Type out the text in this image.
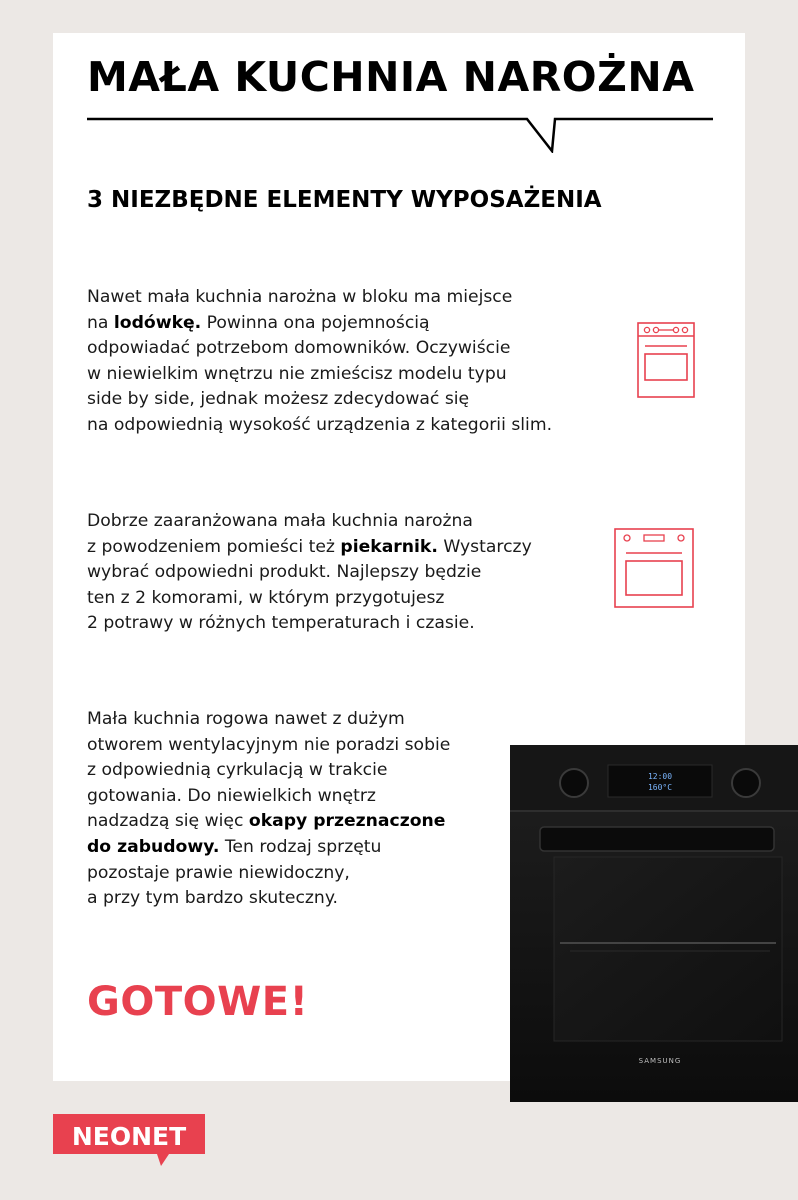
MAŁA KUCHNIA NAROŻNA
3 NIEZBĘDNE ELEMENTY WYPOSAŻENIA
Nawet mała kuchnia narożna w bloku ma miejsce
na lodówkę. Powinna ona pojemnością
odpowiadać potrzebom domowników. Oczywiście
w niewielkim wnętrzu nie zmieścisz modelu typu
side by side, jednak możesz zdecydować się
na odpowiednią wysokość urządzenia z kategorii slim.
Dobrze zaaranżowana mała kuchnia narożna
z powodzeniem pomieści też piekarnik. Wystarczy
wybrać odpowiedni produkt. Najlepszy będzie
ten z 2 komorami, w którym przygotujesz
2 potrawy w różnych temperaturach i czasie.
Mała kuchnia rogowa nawet z dużym
otworem wentylacyjnym nie poradzi sobie
z odpowiednią cyrkulacją w trakcie
gotowania. Do niewielkich wnętrz
nadzadzą się więc okapy przeznaczone
do zabudowy. Ten rodzaj sprzętu
pozostaje prawie niewidoczny,
a przy tym bardzo skuteczny.
GOTOWE!
12:00
160°C
SAMSUNG
NEONET
